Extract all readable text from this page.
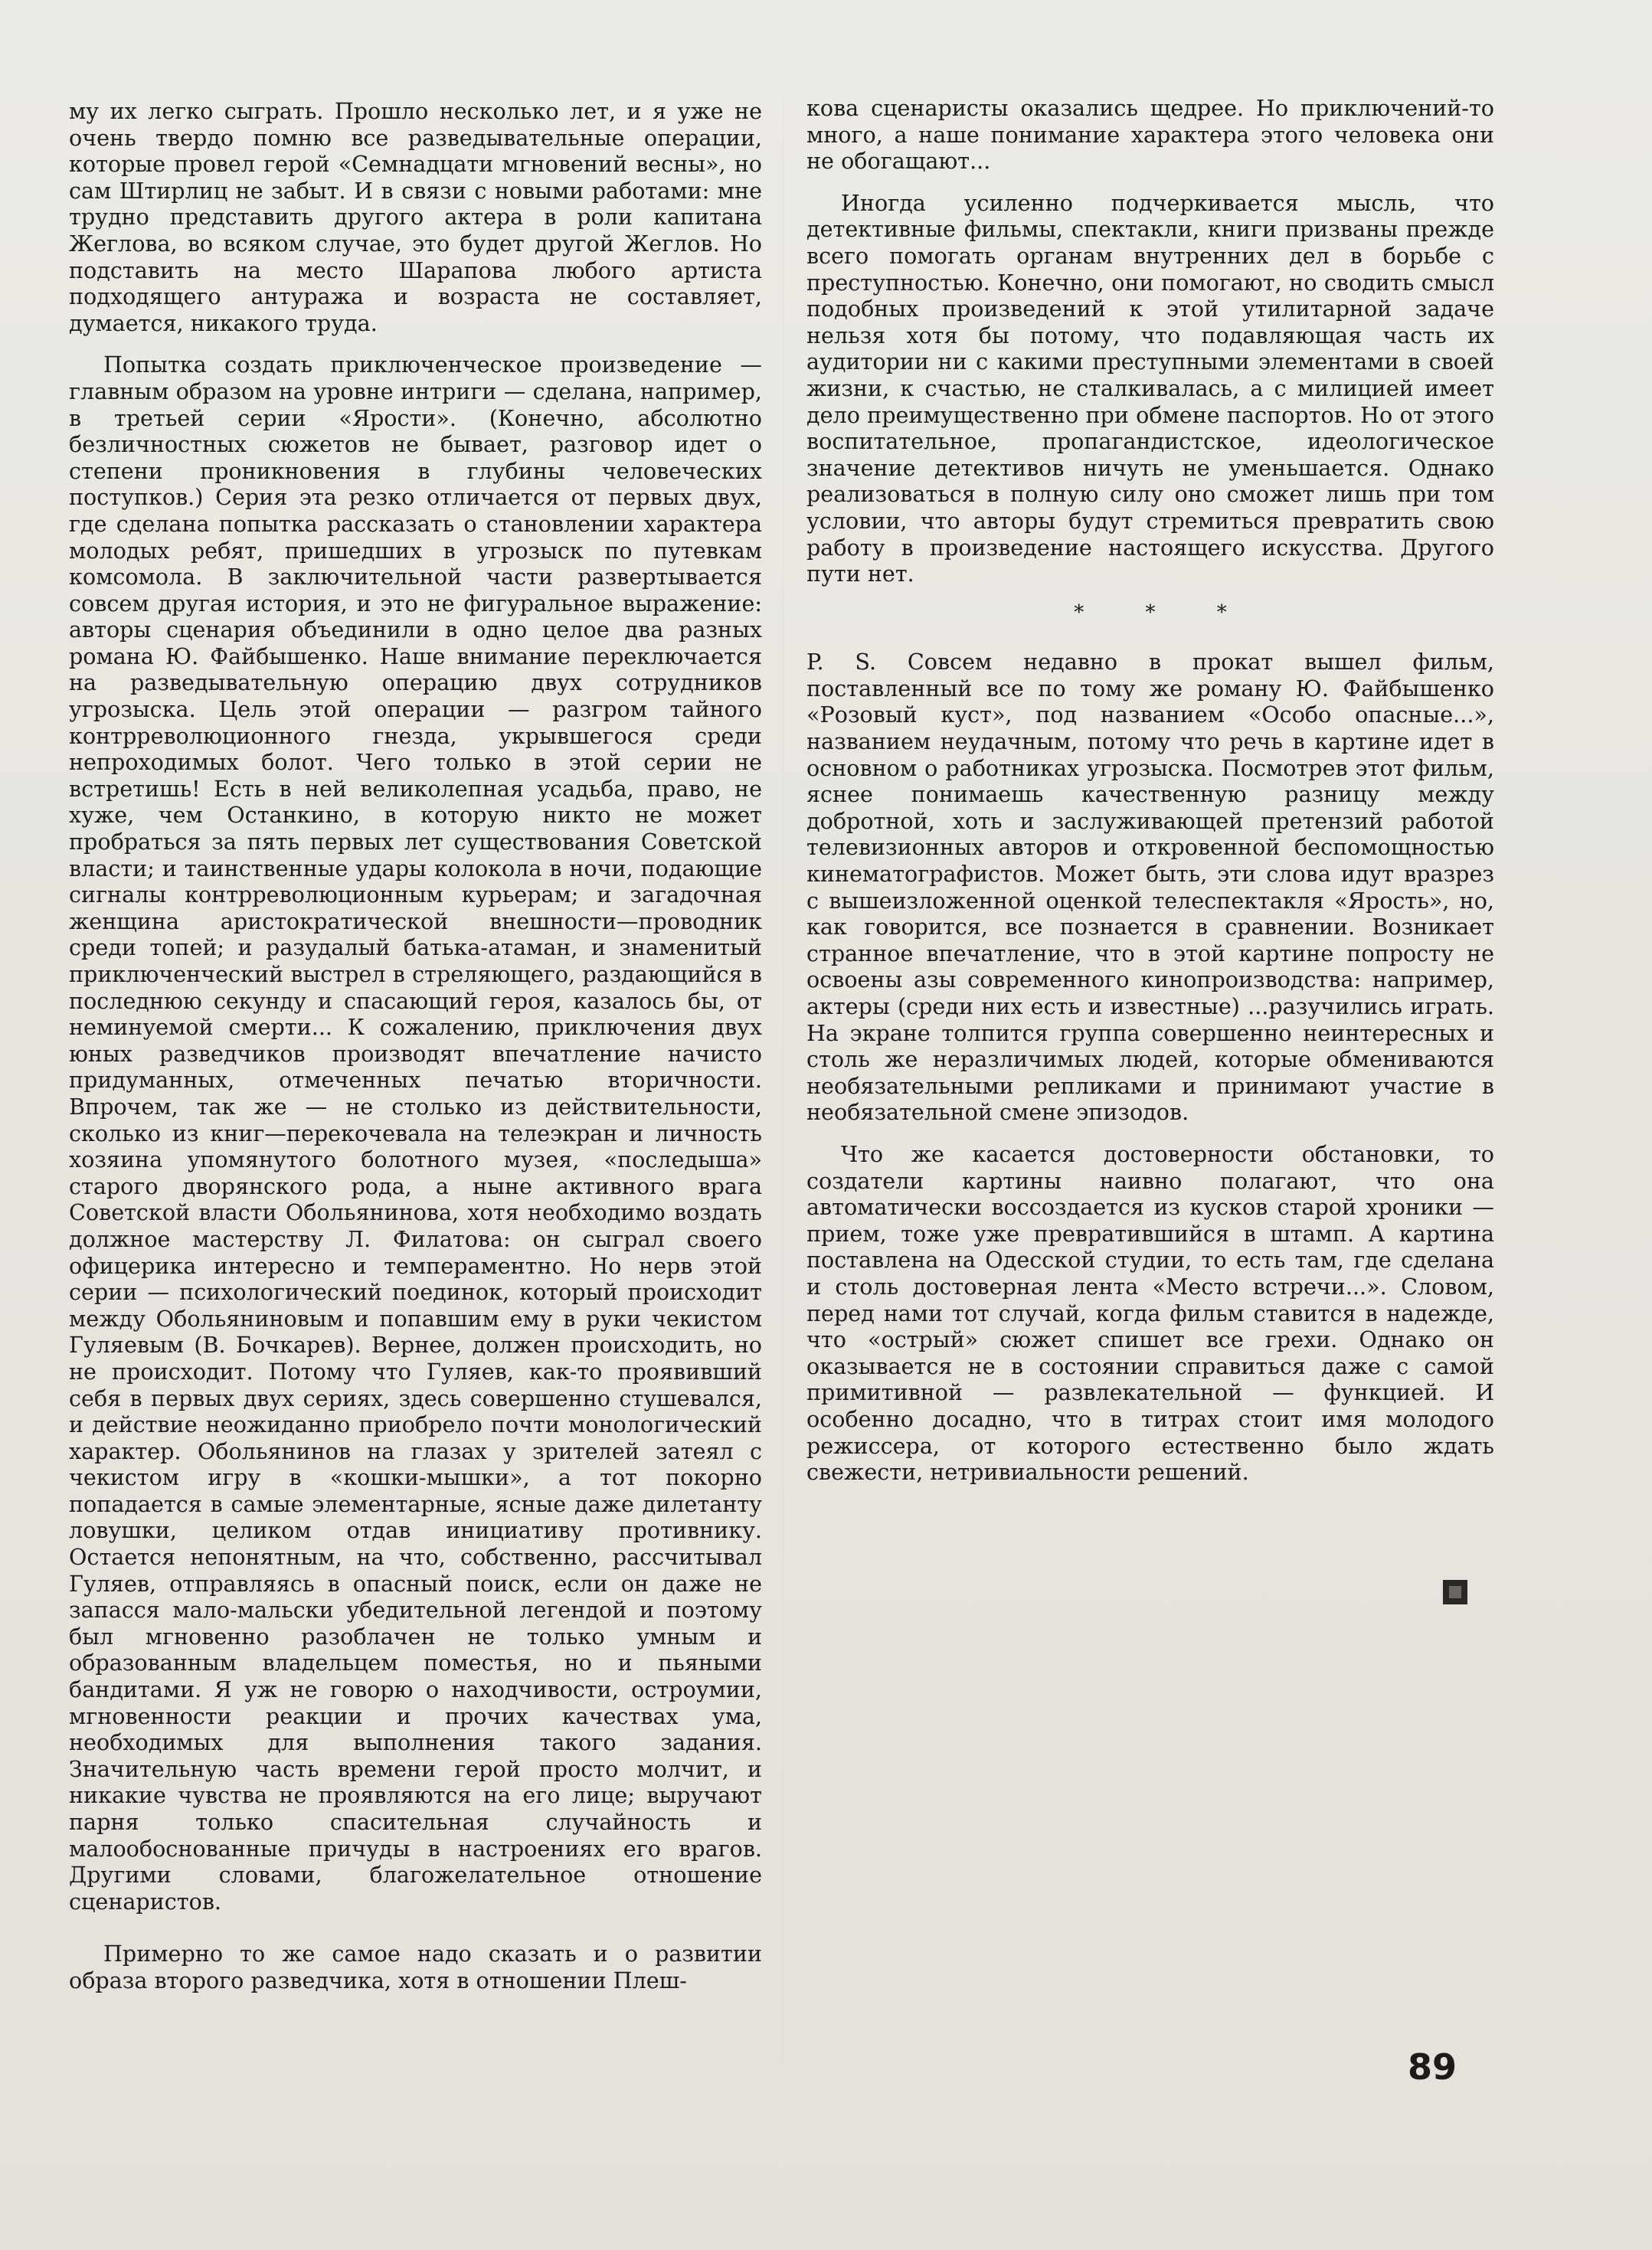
му их легко сыграть. Прошло несколько лет, и я уже не очень твердо помню все разведывательные операции, которые провел герой «Семнадцати мгновений весны», но сам Штирлиц не забыт. И в связи с новыми работами: мне трудно представить другого актера в роли капитана Жеглова, во всяком случае, это будет другой Жеглов. Но подставить на место Шарапова любого артиста подходящего антуража и возраста не составляет, думается, никакого труда.

Попытка создать приключенческое произведение — главным образом на уровне интриги — сделана, например, в третьей серии «Ярости». (Конечно, абсолютно безличностных сюжетов не бывает, разговор идет о степени проникновения в глубины человеческих поступков.) Серия эта резко отличается от первых двух, где сделана попытка рассказать о становлении характера молодых ребят, пришедших в угрозыск по путевкам комсомола. В заключительной части развертывается совсем другая история, и это не фигуральное выражение: авторы сценария объединили в одно целое два разных романа Ю. Файбышенко. Наше внимание переключается на разведывательную операцию двух сотрудников угрозыска. Цель этой операции — разгром тайного контрреволюционного гнезда, укрывшегося среди непроходимых болот. Чего только в этой серии не встретишь! Есть в ней великолепная усадьба, право, не хуже, чем Останкино, в которую никто не может пробраться за пять первых лет существования Советской власти; и таинственные удары колокола в ночи, подающие сигналы контрреволюционным курьерам; и загадочная женщина аристократической внешности—проводник среди топей; и разудалый батька-атаман, и знаменитый приключенческий выстрел в стреляющего, раздающийся в последнюю секунду и спасающий героя, казалось бы, от неминуемой смерти... К сожалению, приключения двух юных разведчиков производят впечатление начисто придуманных, отмеченных печатью вторичности. Впрочем, так же — не столько из действительности, сколько из книг—перекочевала на телеэкран и личность хозяина упомянутого болотного музея, «последыша» старого дворянского рода, а ныне активного врага Советской власти Обольянинова, хотя необходимо воздать должное мастерству Л. Филатова: он сыграл своего офицерика интересно и темпераментно. Но нерв этой серии — психологический поединок, который происходит между Обольяниновым и попавшим ему в руки чекистом Гуляевым (В. Бочкарев). Вернее, должен происходить, но не происходит. Потому что Гуляев, как-то проявивший себя в первых двух сериях, здесь совершенно стушевался, и действие неожиданно приобрело почти монологический характер. Обольянинов на глазах у зрителей затеял с чекистом игру в «кошки-мышки», а тот покорно попадается в самые элементарные, ясные даже дилетанту ловушки, целиком отдав инициативу противнику. Остается непонятным, на что, собственно, рассчитывал Гуляев, отправляясь в опасный поиск, если он даже не запасся мало-мальски убедительной легендой и поэтому был мгновенно разоблачен не только умным и образованным владельцем поместья, но и пьяными бандитами. Я уж не говорю о находчивости, остроумии, мгновенности реакции и прочих качествах ума, необходимых для выполнения такого задания. Значительную часть времени герой просто молчит, и никакие чувства не проявляются на его лице; выручают парня только спасительная случайность и малообоснованные причуды в настроениях его врагов. Другими словами, благожелательное отношение сценаристов.

Примерно то же самое надо сказать и о развитии образа второго разведчика, хотя в отношении Плеш-

кова сценаристы оказались щедрее. Но приключений-то много, а наше понимание характера этого человека они не обогащают...

Иногда усиленно подчеркивается мысль, что детективные фильмы, спектакли, книги призваны прежде всего помогать органам внутренних дел в борьбе с преступностью. Конечно, они помогают, но сводить смысл подобных произведений к этой утилитарной задаче нельзя хотя бы потому, что подавляющая часть их аудитории ни с какими преступными элементами в своей жизни, к счастью, не сталкивалась, а с милицией имеет дело преимущественно при обмене паспортов. Но от этого воспитательное, пропагандистское, идеологическое значение детективов ничуть не уменьшается. Однако реализоваться в полную силу оно сможет лишь при том условии, что авторы будут стремиться превратить свою работу в произведение настоящего искусства. Другого пути нет.

* * *

P. S. Совсем недавно в прокат вышел фильм, поставленный все по тому же роману Ю. Файбышенко «Розовый куст», под названием «Особо опасные...», названием неудачным, потому что речь в картине идет в основном о работниках угрозыска. Посмотрев этот фильм, яснее понимаешь качественную разницу между добротной, хоть и заслуживающей претензий работой телевизионных авторов и откровенной беспомощностью кинематографистов. Может быть, эти слова идут вразрез с вышеизложенной оценкой телеспектакля «Ярость», но, как говорится, все познается в сравнении. Возникает странное впечатление, что в этой картине попросту не освоены азы современного кинопроизводства: например, актеры (среди них есть и известные) ...разучились играть. На экране толпится группа совершенно неинтересных и столь же неразличимых людей, которые обмениваются необязательными репликами и принимают участие в необязательной смене эпизодов.

Что же касается достоверности обстановки, то создатели картины наивно полагают, что она автоматически воссоздается из кусков старой хроники — прием, тоже уже превратившийся в штамп. А картина поставлена на Одесской студии, то есть там, где сделана и столь достоверная лента «Место встречи...». Словом, перед нами тот случай, когда фильм ставится в надежде, что «острый» сюжет спишет все грехи. Однако он оказывается не в состоянии справиться даже с самой примитивной — развлекательной — функцией. И особенно досадно, что в титрах стоит имя молодого режиссера, от которого естественно было ждать свежести, нетривиальности решений.

89
